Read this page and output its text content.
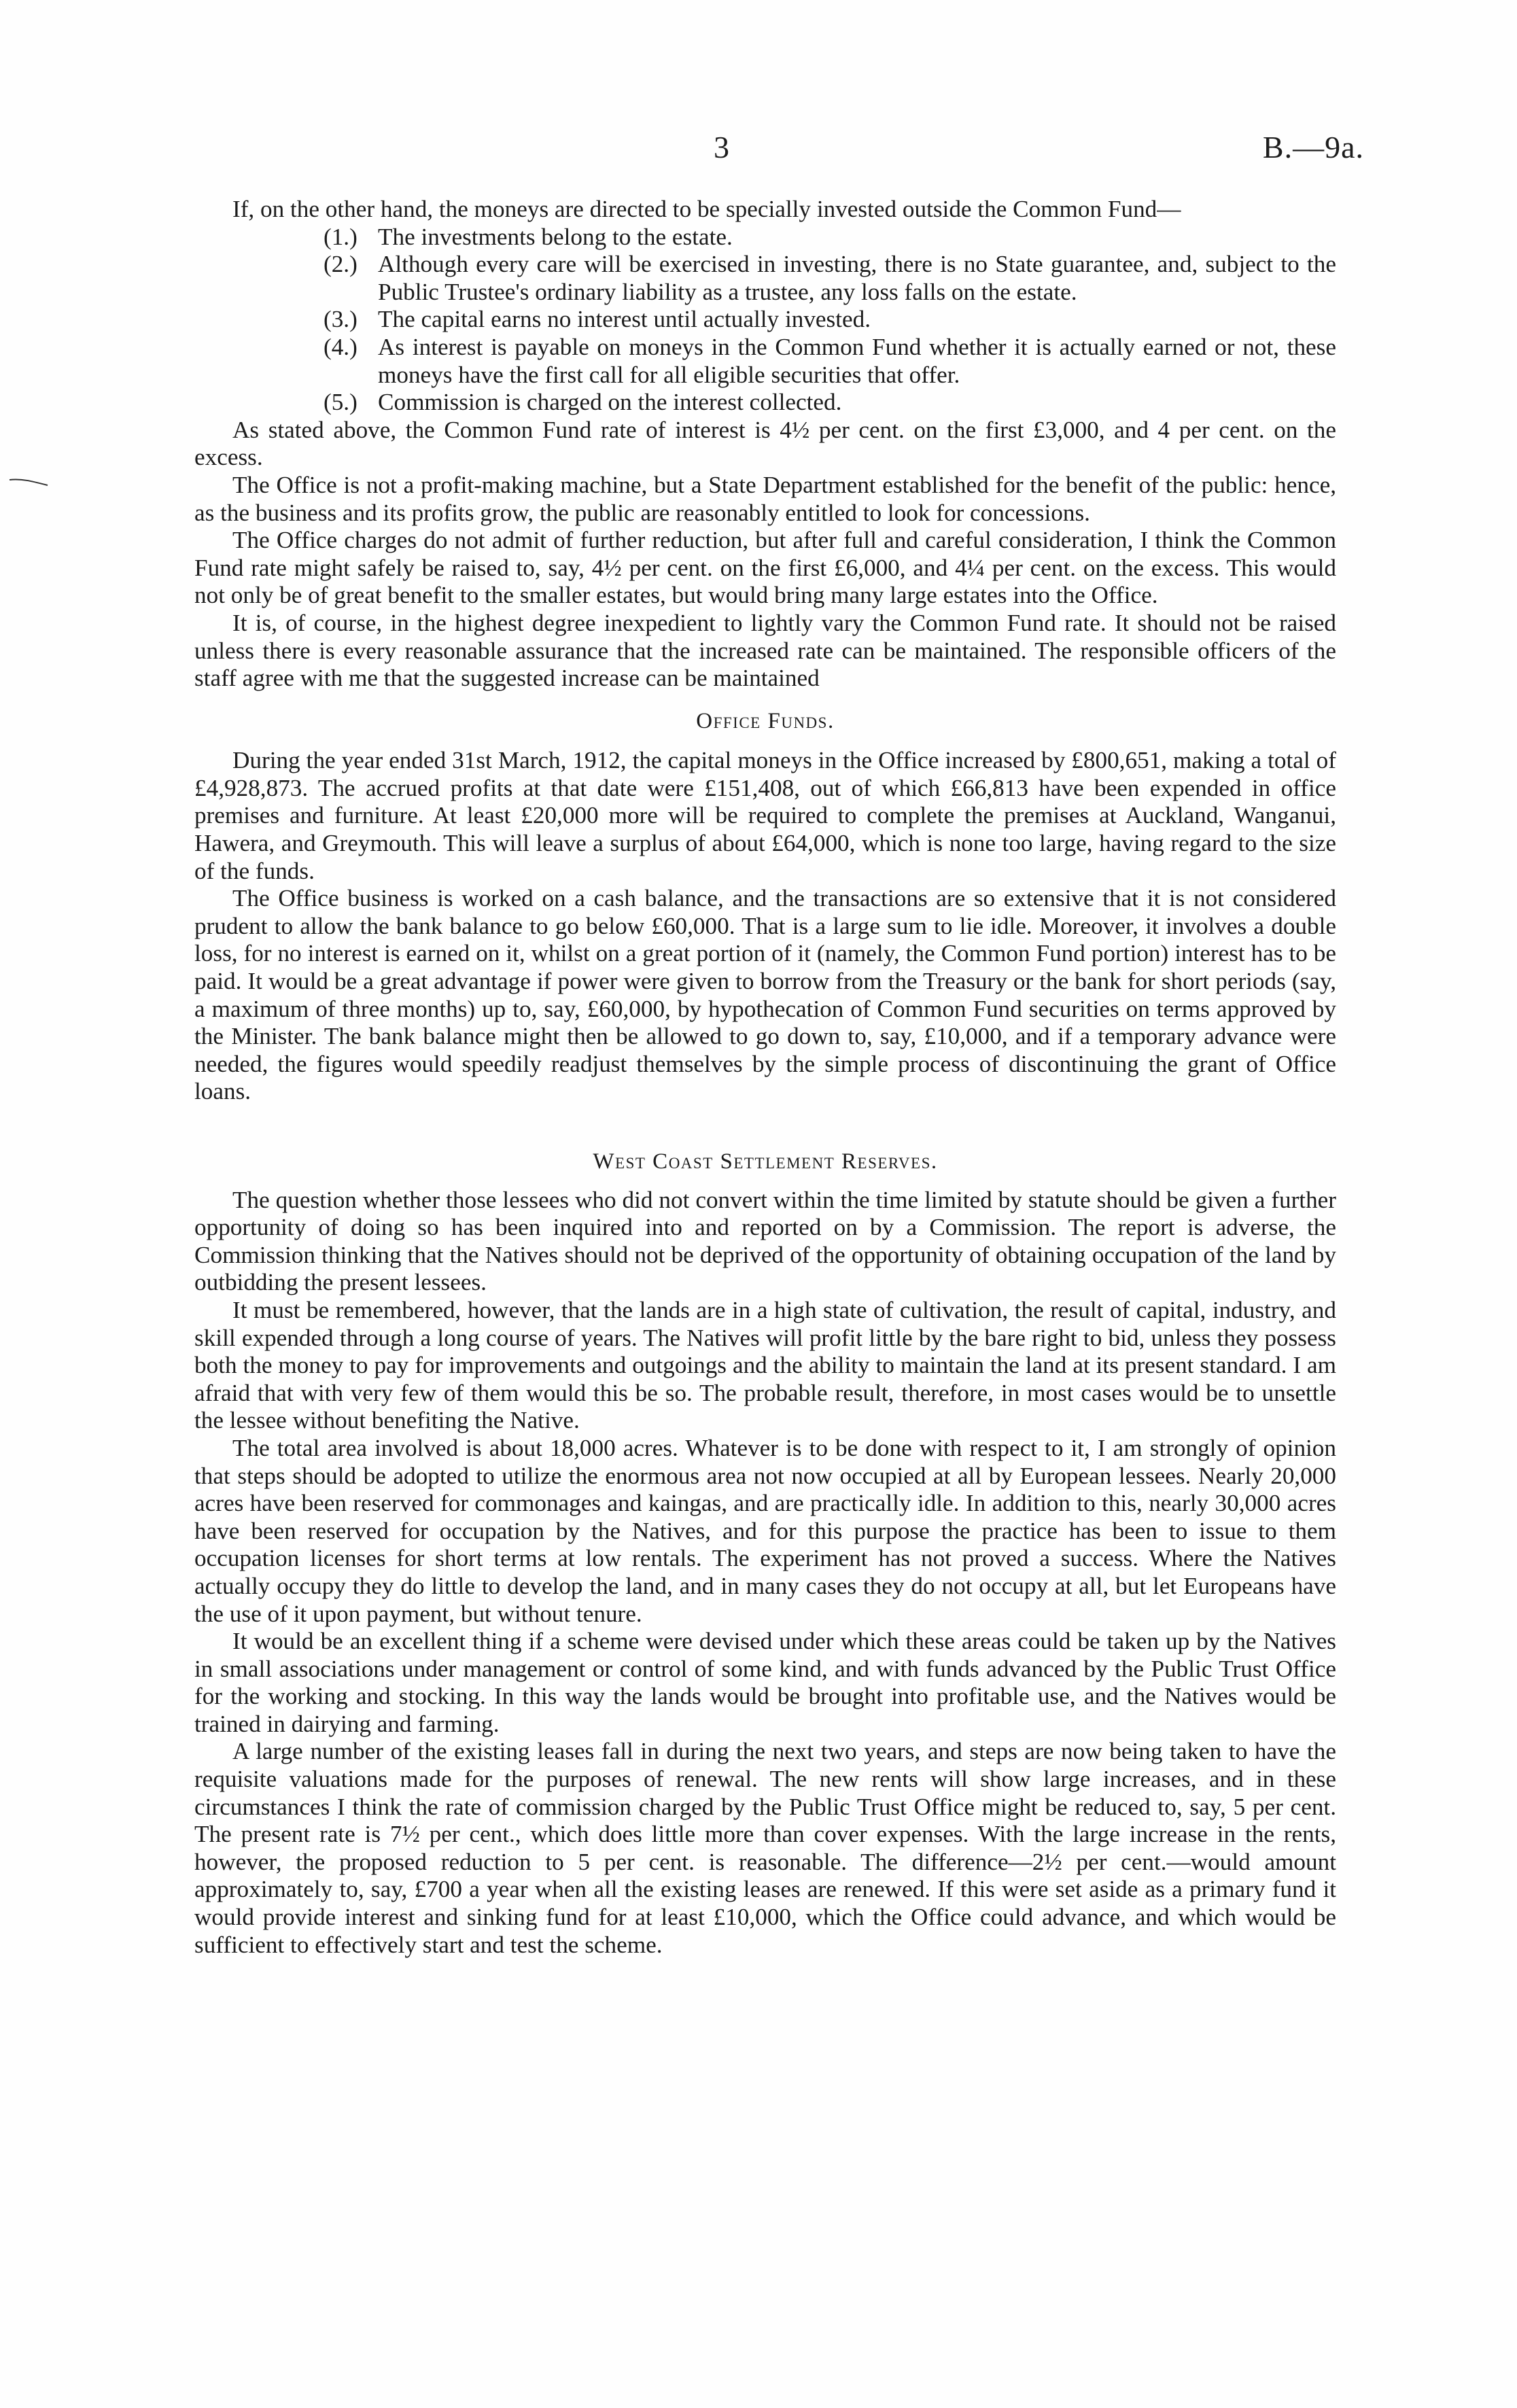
3	B.—9a.

If, on the other hand, the moneys are directed to be specially invested outside the Common Fund—

(1.) The investments belong to the estate.

(2.) Although every care will be exercised in investing, there is no State guarantee, and, subject to the Public Trustee's ordinary liability as a trustee, any loss falls on the estate.

(3.) The capital earns no interest until actually invested.

(4.) As interest is payable on moneys in the Common Fund whether it is actually earned or not, these moneys have the first call for all eligible securities that offer.

(5.) Commission is charged on the interest collected.

As stated above, the Common Fund rate of interest is 4½ per cent. on the first £3,000, and 4 per cent. on the excess.

The Office is not a profit-making machine, but a State Department established for the benefit of the public: hence, as the business and its profits grow, the public are reasonably entitled to look for concessions.

The Office charges do not admit of further reduction, but after full and careful consideration, I think the Common Fund rate might safely be raised to, say, 4½ per cent. on the first £6,000, and 4¼ per cent. on the excess. This would not only be of great benefit to the smaller estates, but would bring many large estates into the Office.

It is, of course, in the highest degree inexpedient to lightly vary the Common Fund rate. It should not be raised unless there is every reasonable assurance that the increased rate can be maintained. The responsible officers of the staff agree with me that the suggested increase can be maintained

Office Funds.

During the year ended 31st March, 1912, the capital moneys in the Office increased by £800,651, making a total of £4,928,873. The accrued profits at that date were £151,408, out of which £66,813 have been expended in office premises and furniture. At least £20,000 more will be required to complete the premises at Auckland, Wanganui, Hawera, and Greymouth. This will leave a surplus of about £64,000, which is none too large, having regard to the size of the funds.

The Office business is worked on a cash balance, and the transactions are so extensive that it is not considered prudent to allow the bank balance to go below £60,000. That is a large sum to lie idle. Moreover, it involves a double loss, for no interest is earned on it, whilst on a great portion of it (namely, the Common Fund portion) interest has to be paid. It would be a great advantage if power were given to borrow from the Treasury or the bank for short periods (say, a maximum of three months) up to, say, £60,000, by hypothecation of Common Fund securities on terms approved by the Minister. The bank balance might then be allowed to go down to, say, £10,000, and if a temporary advance were needed, the figures would speedily readjust themselves by the simple process of discontinuing the grant of Office loans.

West Coast Settlement Reserves.

The question whether those lessees who did not convert within the time limited by statute should be given a further opportunity of doing so has been inquired into and reported on by a Commission. The report is adverse, the Commission thinking that the Natives should not be deprived of the opportunity of obtaining occupation of the land by outbidding the present lessees.

It must be remembered, however, that the lands are in a high state of cultivation, the result of capital, industry, and skill expended through a long course of years. The Natives will profit little by the bare right to bid, unless they possess both the money to pay for improvements and outgoings and the ability to maintain the land at its present standard. I am afraid that with very few of them would this be so. The probable result, therefore, in most cases would be to unsettle the lessee without benefiting the Native.

The total area involved is about 18,000 acres. Whatever is to be done with respect to it, I am strongly of opinion that steps should be adopted to utilize the enormous area not now occupied at all by European lessees. Nearly 20,000 acres have been reserved for commonages and kaingas, and are practically idle. In addition to this, nearly 30,000 acres have been reserved for occupation by the Natives, and for this purpose the practice has been to issue to them occupation licenses for short terms at low rentals. The experiment has not proved a success. Where the Natives actually occupy they do little to develop the land, and in many cases they do not occupy at all, but let Europeans have the use of it upon payment, but without tenure.

It would be an excellent thing if a scheme were devised under which these areas could be taken up by the Natives in small associations under management or control of some kind, and with funds advanced by the Public Trust Office for the working and stocking. In this way the lands would be brought into profitable use, and the Natives would be trained in dairying and farming.

A large number of the existing leases fall in during the next two years, and steps are now being taken to have the requisite valuations made for the purposes of renewal. The new rents will show large increases, and in these circumstances I think the rate of commission charged by the Public Trust Office might be reduced to, say, 5 per cent. The present rate is 7½ per cent., which does little more than cover expenses. With the large increase in the rents, however, the proposed reduction to 5 per cent. is reasonable. The difference—2½ per cent.—would amount approximately to, say, £700 a year when all the existing leases are renewed. If this were set aside as a primary fund it would provide interest and sinking fund for at least £10,000, which the Office could advance, and which would be sufficient to effectively start and test the scheme.
